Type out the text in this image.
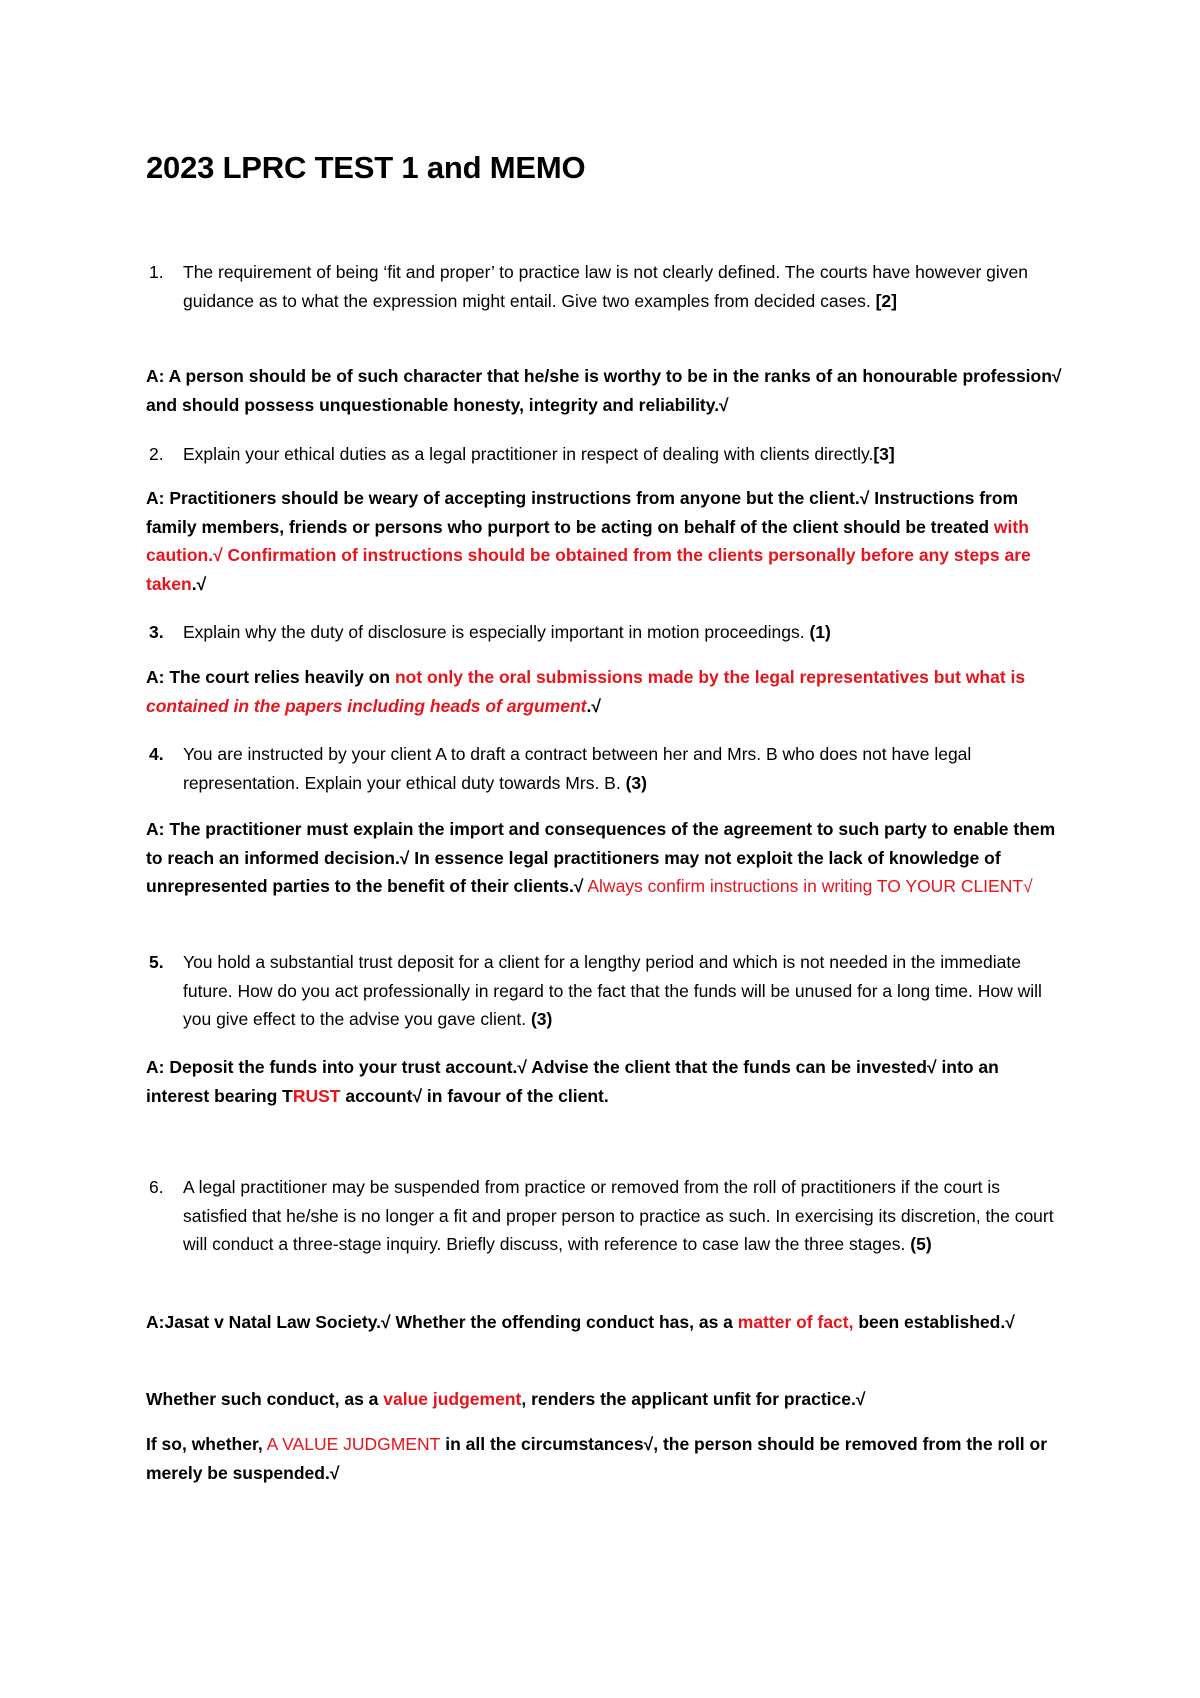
2023 LPRC TEST 1 and MEMO
1. The requirement of being ‘fit and proper’ to practice law is not clearly defined. The courts have however given guidance as to what the expression might entail. Give two examples from decided cases. [2]
A: A person should be of such character that he/she is worthy to be in the ranks of an honourable profession√ and should possess unquestionable honesty, integrity and reliability.√
2. Explain your ethical duties as a legal practitioner in respect of dealing with clients directly.[3]
A: Practitioners should be weary of accepting instructions from anyone but the client.√ Instructions from family members, friends or persons who purport to be acting on behalf of the client should be treated with caution.√ Confirmation of instructions should be obtained from the clients personally before any steps are taken.√
3. Explain why the duty of disclosure is especially important in motion proceedings. (1)
A: The court relies heavily on not only the oral submissions made by the legal representatives but what is contained in the papers including heads of argument.√
4. You are instructed by your client A to draft a contract between her and Mrs. B who does not have legal representation. Explain your ethical duty towards Mrs. B. (3)
A: The practitioner must explain the import and consequences of the agreement to such party to enable them to reach an informed decision.√ In essence legal practitioners may not exploit the lack of knowledge of unrepresented parties to the benefit of their clients.√ Always confirm instructions in writing TO YOUR CLIENT√
5. You hold a substantial trust deposit for a client for a lengthy period and which is not needed in the immediate future. How do you act professionally in regard to the fact that the funds will be unused for a long time. How will you give effect to the advise you gave client. (3)
A: Deposit the funds into your trust account.√ Advise the client that the funds can be invested√ into an interest bearing TRUST account√ in favour of the client.
6. A legal practitioner may be suspended from practice or removed from the roll of practitioners if the court is satisfied that he/she is no longer a fit and proper person to practice as such. In exercising its discretion, the court will conduct a three-stage inquiry. Briefly discuss, with reference to case law the three stages. (5)
A:Jasat v Natal Law Society.√ Whether the offending conduct has, as a matter of fact, been established.√
Whether such conduct, as a value judgement, renders the applicant unfit for practice.√
If so, whether, A VALUE JUDGMENT in all the circumstances√, the person should be removed from the roll or merely be suspended.√
